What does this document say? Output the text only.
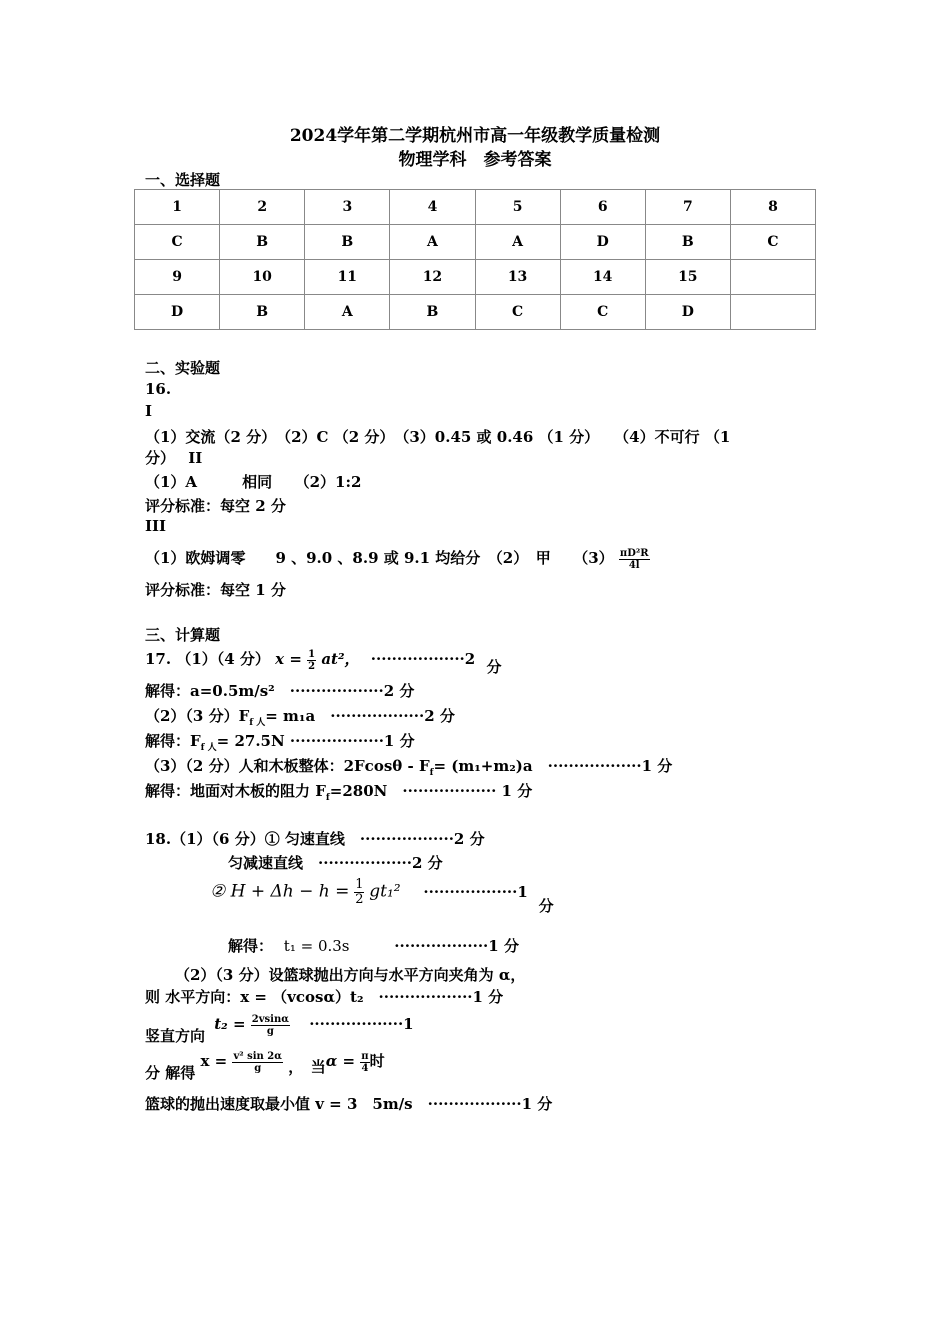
2024学年第二学期杭州市高一年级教学质量检测
物理学科　参考答案
一、选择题
1	2	3	4	5	6	7	8
C	B	B	A	A	D	B	C
9	10	11	12	13	14	15	
D	B	A	B	C	C	D	
二、实验题
16.
I
（1）交流（2 分）　（2）C （2 分）　（3）0.45 或 0.46 （1 分）　　（4）不可行 （1
分） II
（1）A　　　相同　　（2）1:2
评分标准：每空 2 分
III
（1）欧姆调零　　9 、9.0 、8.9 或 9.1 均给分　（2）　甲　　$(3) \frac{\text{πD²R}}{4l}$
评分标准：每空 1 分
三、计算题
17. （1）（4 分） $x = \frac{1}{2} at^2$， ··················2 分
解得：a=0.5m/s²　··················2 分
（2）（3 分）$F_{f 人}= m_1a$　··················2 分
解得：$F_{f 人}= 27.5N \cdot\cdot\cdot\cdot\cdot\cdot\cdot\cdot\cdot\cdot\cdot\cdot\cdot\cdot\cdot\cdot\cdot\cdot 1$ 分
（3）（2 分）人和木板整体：$2Fcos\theta - F_f= (m_1+m_2)a$　··················1 分
解得：地面对木板的阻力 $F_f=280N$　·················· 1 分
18.（1）（6 分）① 匀速直线　··················2 分
匀减速直线　··················2 分
② $H + \Delta h - h = \frac{1}{2} gt_1^2 \cdot\cdot\cdot\cdot\cdot\cdot\cdot\cdot\cdot\cdot\cdot\cdot\cdot\cdot\cdot\cdot\cdot\cdot 1$ 分
解得： t₁ = 0.3s	··················1 分
（2）（3 分）设篮球抛出方向与水平方向夹角为 α，
则 水平方向：x = （vcosα）t₂　··················1 分
竖直方向 $t_2 = \frac{2vsin\alpha}{g} \cdot\cdot\cdot\cdot\cdot\cdot\cdot\cdot\cdot\cdot\cdot\cdot\cdot\cdot\cdot\cdot\cdot\cdot 1$
分 解得 $x = \frac{\text{v² sin 2α}}{g}$ ，　当$\alpha = \frac{\pi}{4}$ 时
篮球的抛出速度取最小值 v = 3　5m/s　··················1 分
